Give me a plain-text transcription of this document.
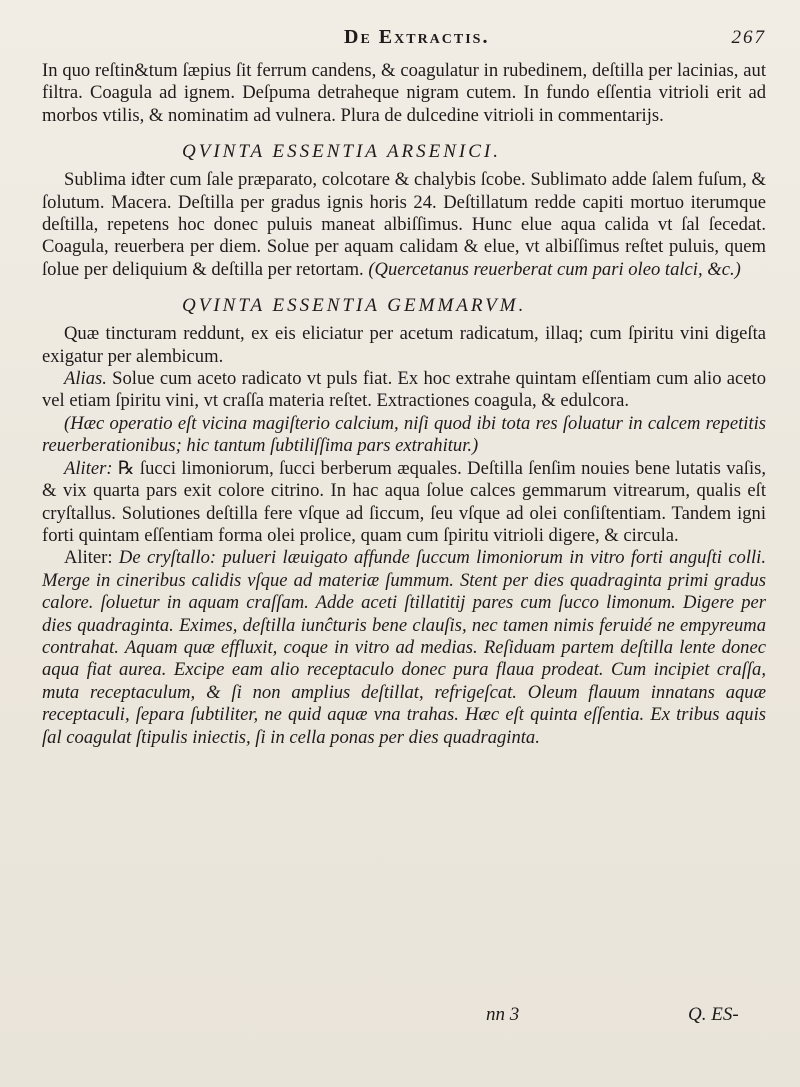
De Extractis.	267

In quo reſtin&tum ſæpius ſit ferrum candens, & coagulatur in rubedinem, deſtilla per lacinias, aut filtra. Coagula ad ignem. Deſpuma detraheque nigram cutem. In fundo eſſentia vitrioli erit ad morbos vtilis, & nominatim ad vulnera. Plura de dulcedine vitrioli in commentarijs.

QVINTA ESSENTIA ARSENICI.

Sublima iđter cum ſale præparato, colcotare & chalybis ſcobe. Sublimato adde ſalem fuſum, & ſolutum. Macera. Deſtilla per gradus ignis horis 24. Deſtillatum redde capiti mortuo iterumque deſtilla, repetens hoc donec puluis maneat albiſſimus. Hunc elue aqua calida vt ſal ſecedat. Coagula, reuerbera per diem. Solue per aquam calidam & elue, vt albiſſimus reſtet puluis, quem ſolue per deliquium & deſtilla per retortam. (Quercetanus reuerberat cum pari oleo talci, &c.)

QVINTA ESSENTIA GEMMARVM.

Quæ tincturam reddunt, ex eis eliciatur per acetum radicatum, illaq; cum ſpiritu vini digeſta exigatur per alembicum.

Alias. Solue cum aceto radicato vt puls fiat. Ex hoc extrahe quintam eſſentiam cum alio aceto vel etiam ſpiritu vini, vt craſſa materia reſtet. Extractiones coagula, & edulcora.

(Hæc operatio eſt vicina magiſterio calcium, niſi quod ibi tota res ſoluatur in calcem repetitis reuerberationibus; hic tantum ſubtiliſſima pars extrahitur.)

Aliter: ℞ ſucci limoniorum, ſucci berberum æquales. Deſtilla ſenſim nouies bene lutatis vaſis, & vix quarta pars exit colore citrino. In hac aqua ſolue calces gemmarum vitrearum, qualis eſt cryſtallus. Solutiones deſtilla fere vſque ad ſiccum, ſeu vſque ad olei conſiſtentiam. Tandem igni forti quintam eſſentiam forma olei prolice, quam cum ſpiritu vitrioli digere, & circula.

Aliter: De cryſtallo: pulueri læuigato affunde ſuccum limoniorum in vitro forti anguſti colli. Merge in cineribus calidis vſque ad materiæ ſummum. Stent per dies quadraginta primi gradus calore. ſoluetur in aquam craſſam. Adde aceti ſtillatitij pares cum ſucco limonum. Digere per dies quadraginta. Eximes, deſtilla iunĉturis bene clauſis, nec tamen nimis feruidé ne empyreuma contrahat. Aquam quæ effluxit, coque in vitro ad medias. Reſiduam partem deſtilla lente donec aqua fiat aurea. Excipe eam alio receptaculo donec pura flaua prodeat. Cum incipiet craſſa, muta receptaculum, & ſi non amplius deſtillat, refrigeſcat. Oleum flauum innatans aquæ receptaculi, ſepara ſubtiliter, ne quid aquæ vna trahas. Hæc eſt quinta eſſentia. Ex tribus aquis ſal coagulat ſtipulis iniectis, ſi in cella ponas per dies quadraginta.

nn 3	Q. ES-
